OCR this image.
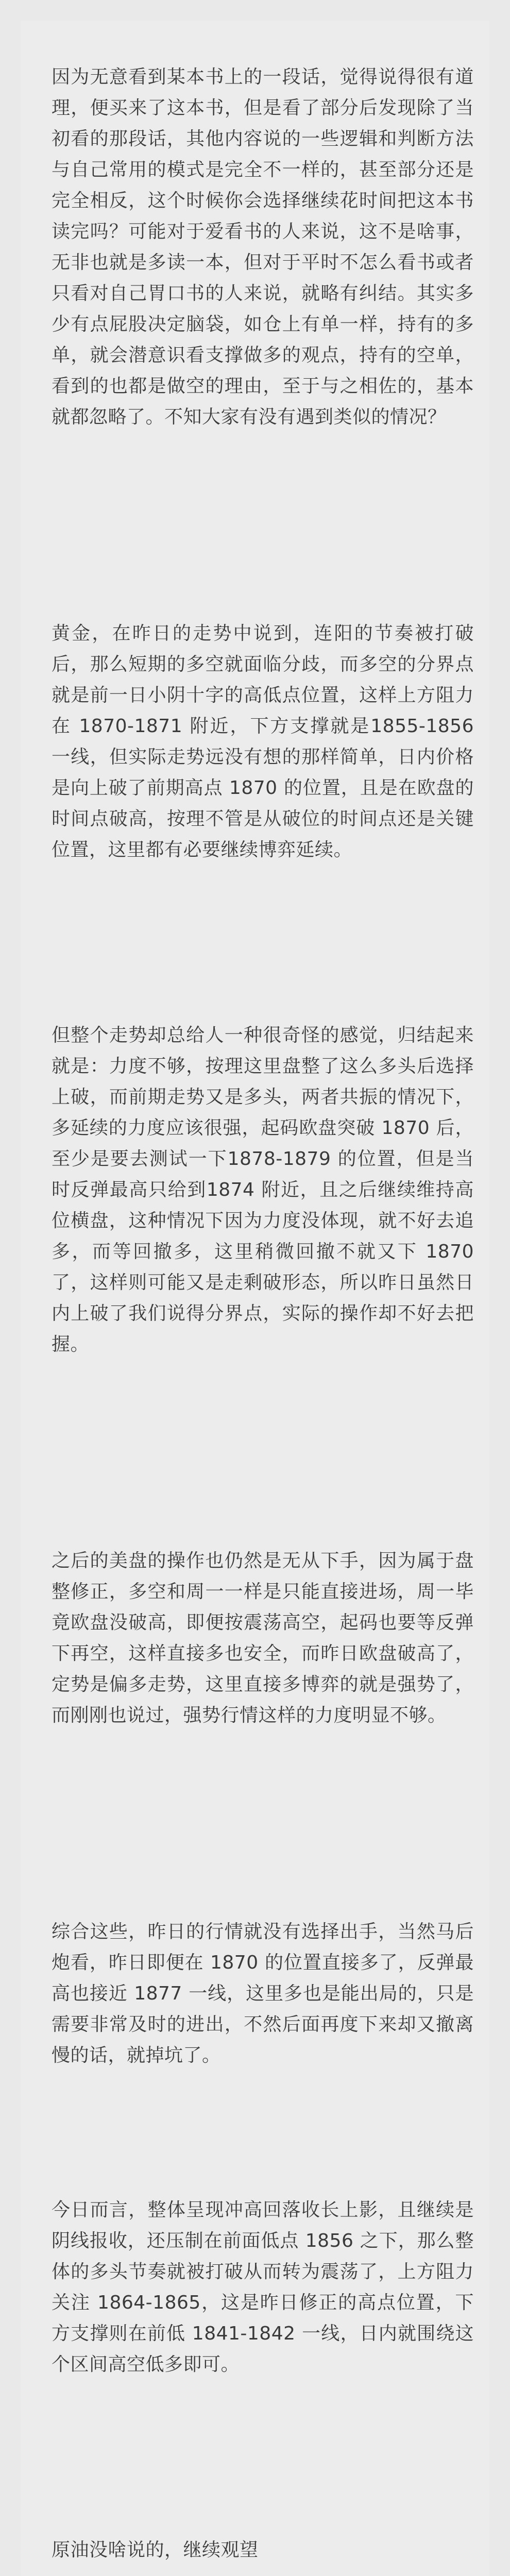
因为无意看到某本书上的一段话，觉得说得很有道理，便买来了这本书，但是看了部分后发现除了当初看的那段话，其他内容说的一些逻辑和判断方法与自己常用的模式是完全不一样的，甚至部分还是完全相反，这个时候你会选择继续花时间把这本书读完吗？可能对于爱看书的人来说，这不是啥事，无非也就是多读一本，但对于平时不怎么看书或者只看对自己胃口书的人来说，就略有纠结。其实多少有点屁股决定脑袋，如仓上有单一样，持有的多单，就会潜意识看支撑做多的观点，持有的空单，看到的也都是做空的理由，至于与之相佐的，基本就都忽略了。不知大家有没有遇到类似的情况？

黄金，在昨日的走势中说到，连阳的节奏被打破后，那么短期的多空就面临分歧，而多空的分界点就是前一日小阴十字的高低点位置，这样上方阻力在 1870-1871 附近，下方支撑就是1855-1856 一线，但实际走势远没有想的那样简单，日内价格是向上破了前期高点 1870 的位置，且是在欧盘的时间点破高，按理不管是从破位的时间点还是关键位置，这里都有必要继续博弈延续。

但整个走势却总给人一种很奇怪的感觉，归结起来就是：力度不够，按理这里盘整了这么多头后选择上破，而前期走势又是多头，两者共振的情况下，多延续的力度应该很强，起码欧盘突破 1870 后，至少是要去测试一下1878-1879 的位置，但是当时反弹最高只给到1874 附近，且之后继续维持高位横盘，这种情况下因为力度没体现，就不好去追多，而等回撤多，这里稍微回撤不就又下 1870 了，这样则可能又是走剩破形态，所以昨日虽然日内上破了我们说得分界点，实际的操作却不好去把握。

之后的美盘的操作也仍然是无从下手，因为属于盘整修正，多空和周一一样是只能直接进场，周一毕竟欧盘没破高，即便按震荡高空，起码也要等反弹下再空，这样直接多也安全，而昨日欧盘破高了，定势是偏多走势，这里直接多博弈的就是强势了，而刚刚也说过，强势行情这样的力度明显不够。

综合这些，昨日的行情就没有选择出手，当然马后炮看，昨日即便在 1870 的位置直接多了，反弹最高也接近 1877 一线，这里多也是能出局的，只是需要非常及时的进出，不然后面再度下来却又撤离慢的话，就掉坑了。

今日而言，整体呈现冲高回落收长上影，且继续是阴线报收，还压制在前面低点 1856 之下，那么整体的多头节奏就被打破从而转为震荡了，上方阻力关注 1864-1865，这是昨日修正的高点位置，下方支撑则在前低 1841-1842 一线，日内就围绕这个区间高空低多即可。

原油没啥说的，继续观望
